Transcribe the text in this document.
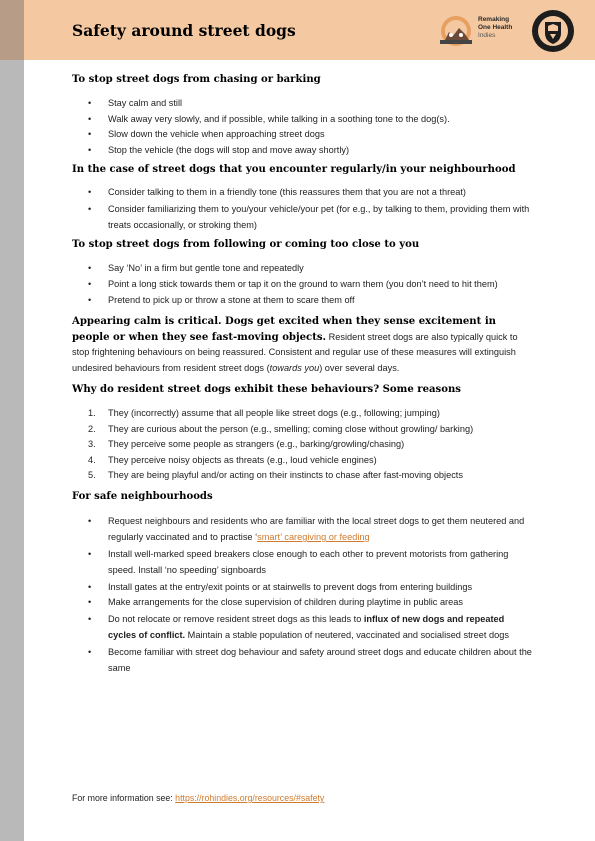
Safety around street dogs
Remaking
One Health
Indies
To stop street dogs from chasing or barking
• Stay calm and still
• Walk away very slowly, and if possible, while talking in a soothing tone to the dog(s).
• Slow down the vehicle when approaching street dogs
• Stop the vehicle (the dogs will stop and move away shortly)
In the case of street dogs that you encounter regularly/in your neighbourhood
• Consider talking to them in a friendly tone (this reassures them that you are not a threat)
• Consider familiarizing them to you/your vehicle/your pet (for e.g., by talking to them, providing them with treats occasionally, or stroking them)
To stop street dogs from following or coming too close to you
• Say ‘No’ in a firm but gentle tone and repeatedly
• Point a long stick towards them or tap it on the ground to warn them (you don’t need to hit them)
• Pretend to pick up or throw a stone at them to scare them off

Appearing calm is critical. Dogs get excited when they sense excitement in people or when they see fast-moving objects. Resident street dogs are also typically quick to stop frightening behaviours on being reassured. Consistent and regular use of these measures will extinguish undesired behaviours from resident street dogs (towards you) over several days.

Why do resident street dogs exhibit these behaviours? Some reasons
1. They (incorrectly) assume that all people like street dogs (e.g., following; jumping)
2. They are curious about the person (e.g., smelling; coming close without growling/ barking)
3. They perceive some people as strangers (e.g., barking/growling/chasing)
4. They perceive noisy objects as threats (e.g., loud vehicle engines)
5. They are being playful and/or acting on their instincts to chase after fast-moving objects
For safe neighbourhoods
• Request neighbours and residents who are familiar with the local street dogs to get them neutered and regularly vaccinated and to practise ‘smart’ caregiving or feeding
• Install well-marked speed breakers close enough to each other to prevent motorists from gathering speed. Install ‘no speeding’ signboards
• Install gates at the entry/exit points or at stairwells to prevent dogs from entering buildings
• Make arrangements for the close supervision of children during playtime in public areas
• Do not relocate or remove resident street dogs as this leads to influx of new dogs and repeated cycles of conflict. Maintain a stable population of neutered, vaccinated and socialised street dogs
• Become familiar with street dog behaviour and safety around street dogs and educate children about the same
For more information see: https://rohindies.org/resources/#safety
